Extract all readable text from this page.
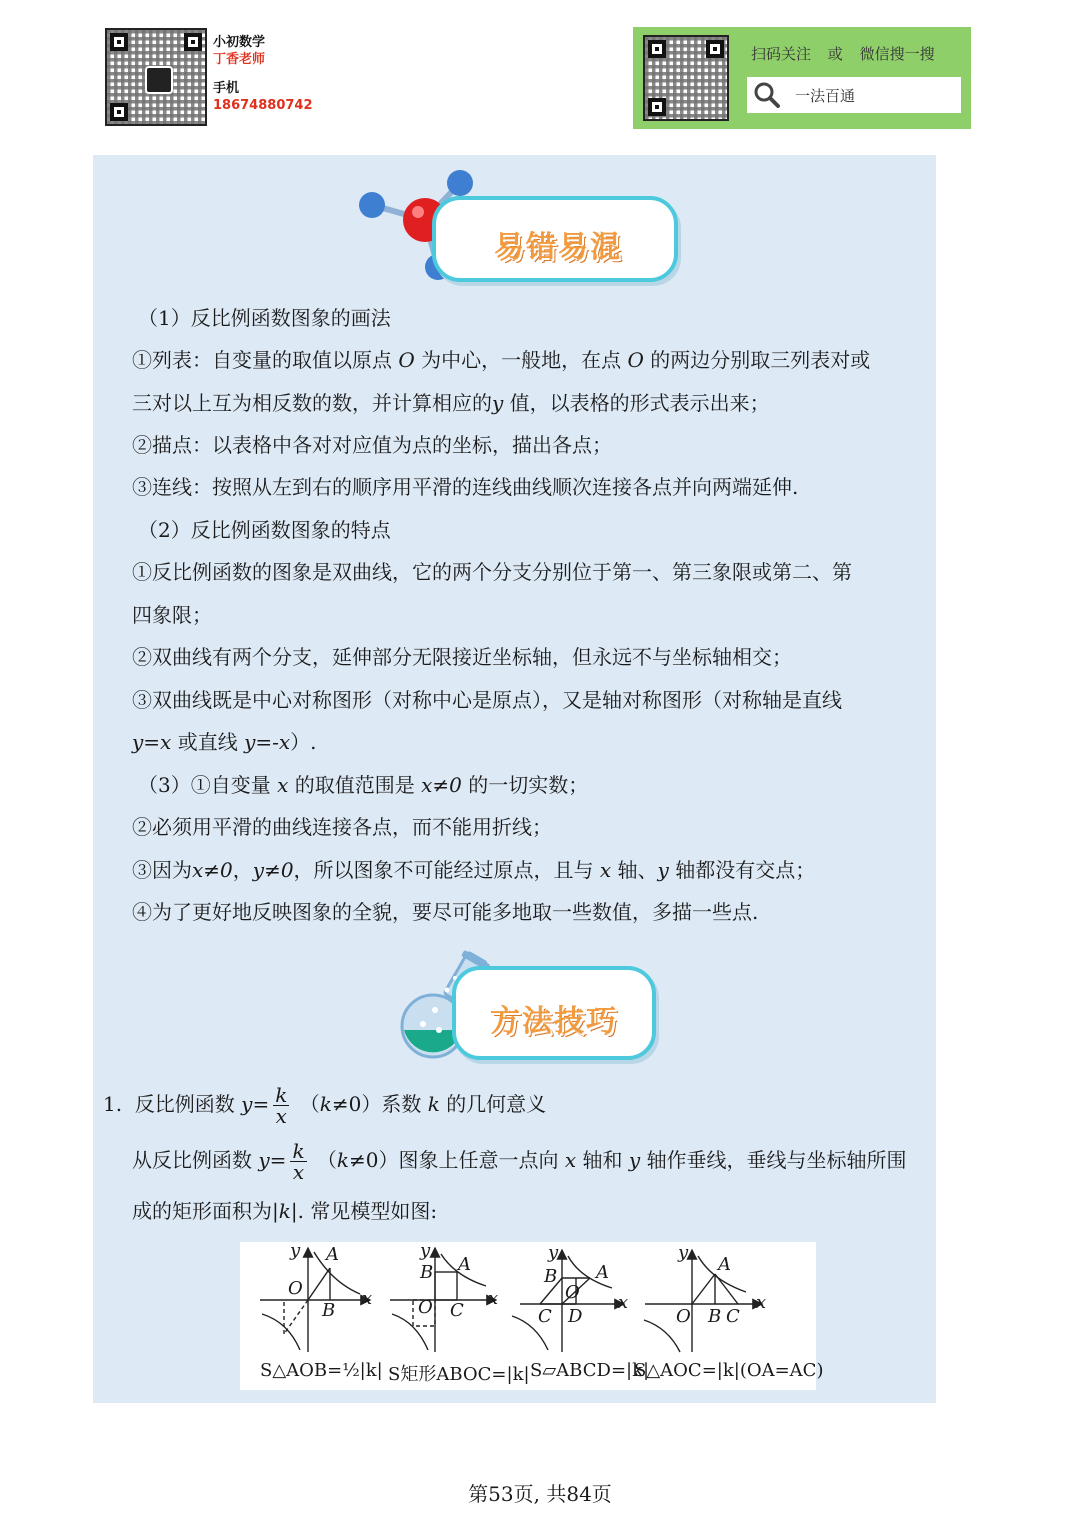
小初数学
丁香老师
手机
18674880742
扫码关注 或 微信搜一搜
一法百通
易错易混
（1）反比例函数图象的画法
①列表：自变量的取值以原点 O 为中心，一般地，在点 O 的两边分别取三列表对或
三对以上互为相反数的数，并计算相应的y 值，以表格的形式表示出来；
②描点：以表格中各对对应值为点的坐标，描出各点；
③连线：按照从左到右的顺序用平滑的连线曲线顺次连接各点并向两端延伸.
（2）反比例函数图象的特点
①反比例函数的图象是双曲线，它的两个分支分别位于第一、第三象限或第二、第
四象限；
②双曲线有两个分支，延伸部分无限接近坐标轴，但永远不与坐标轴相交；
③双曲线既是中心对称图形（对称中心是原点），又是轴对称图形（对称轴是直线
y=x 或直线 y=-x）.
（3）①自变量 x 的取值范围是 x≠0 的一切实数；
②必须用平滑的曲线连接各点，而不能用折线；
③因为x≠0，y≠0，所以图象不可能经过原点，且与 x 轴、y 轴都没有交点；
④为了更好地反映图象的全貌，要尽可能多地取一些数值，多描一些点.
方法技巧
1. 反比例函数 $y= \frac{k}{x} (k\ne 0)$系数 k 的几何意义
从反比例函数 $y= \frac{k}{x} (k\ne 0)$图象上任意一点向 x 轴和 y 轴作垂线，垂线与坐标轴所围
成的矩形面积为|k|. 常见模型如图:
y A
O
B
x
y
B A
O C
x
y
B A
O
C D
x
y
A
O B C
x
S△AOB=½|k| S矩形ABOC=|k| S▱ABCD=|k|
S△AOC=|k|(OA=AC)
第53页, 共84页
